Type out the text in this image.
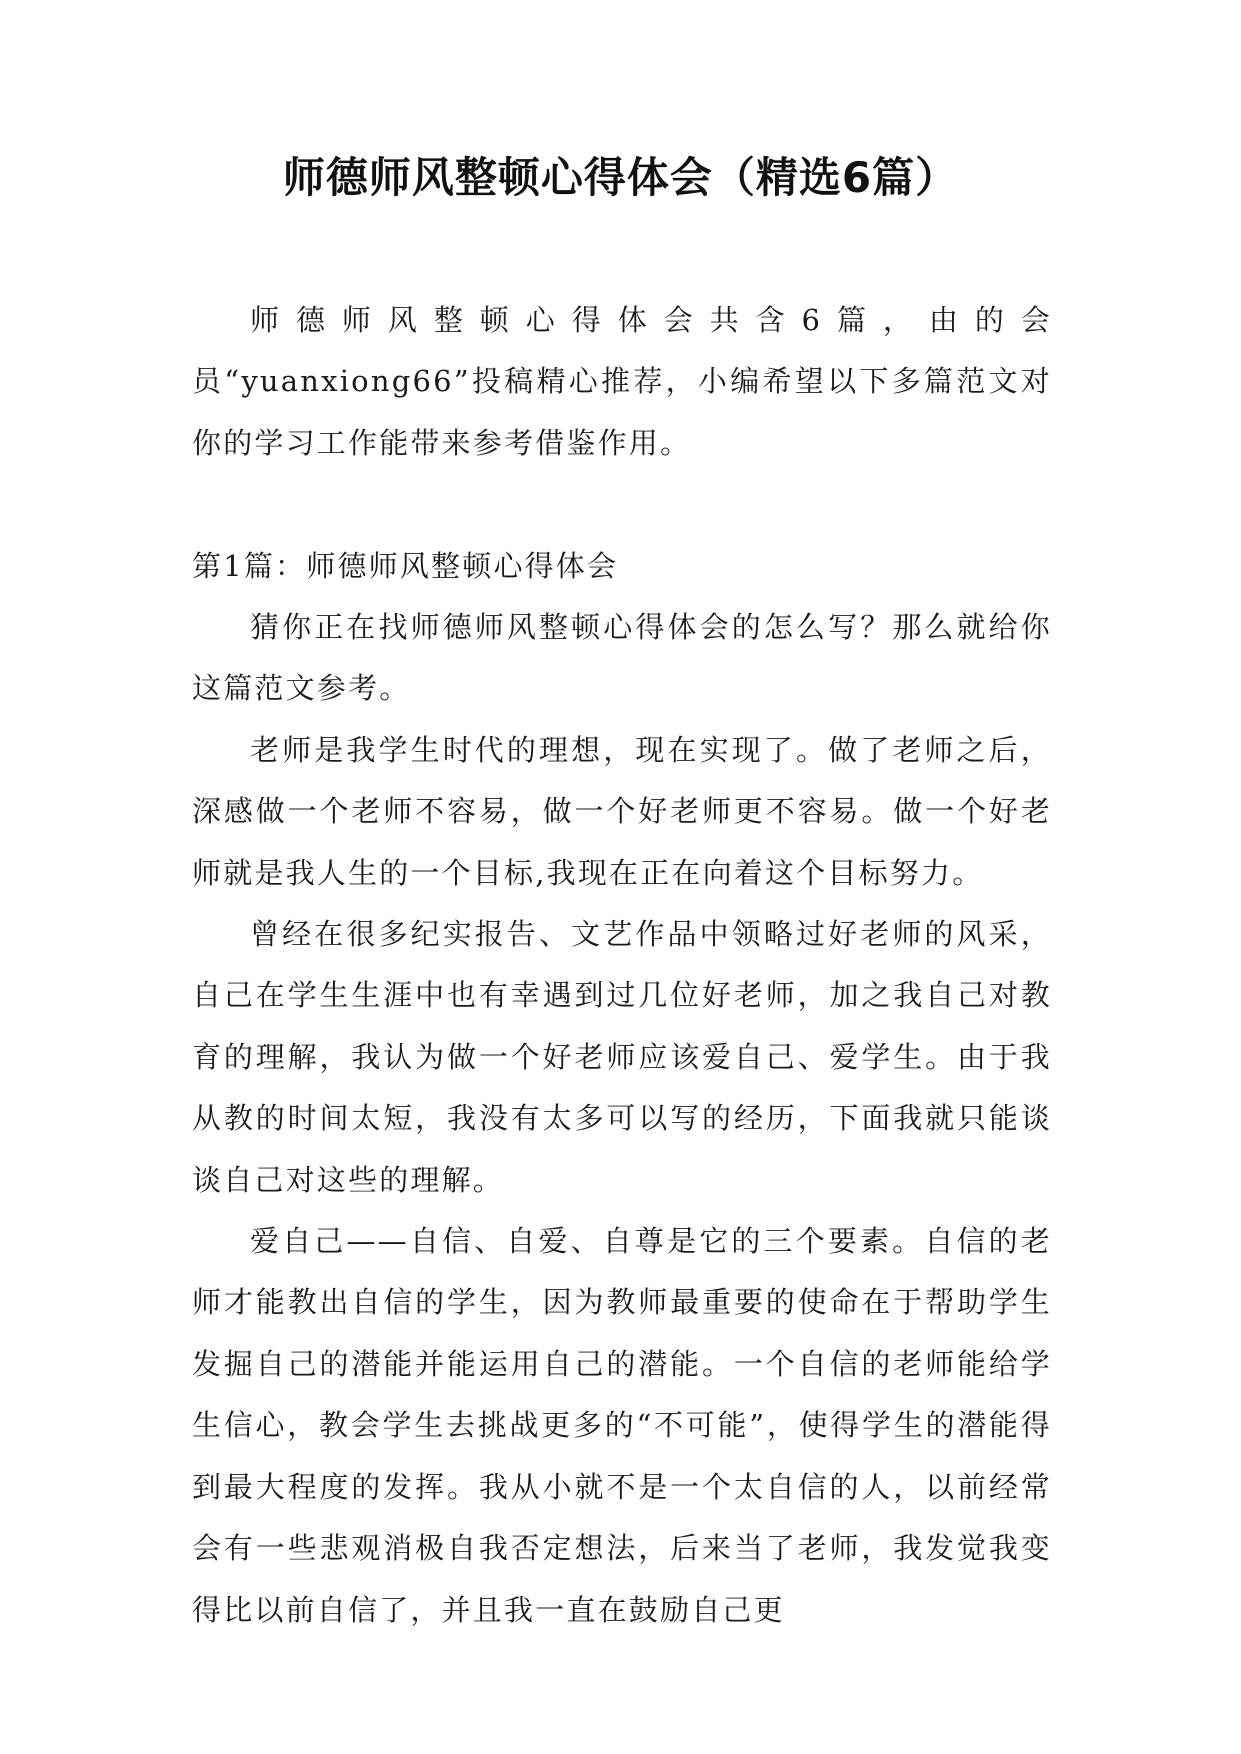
师德师风整顿心得体会（精选6篇）

师德师风整顿心得体会共含6篇，由的会员“yuanxiong66”投稿精心推荐，小编希望以下多篇范文对你的学习工作能带来参考借鉴作用。

第1篇：师德师风整顿心得体会

猜你正在找师德师风整顿心得体会的怎么写？那么就给你这篇范文参考。

老师是我学生时代的理想，现在实现了。做了老师之后，深感做一个老师不容易，做一个好老师更不容易。做一个好老师就是我人生的一个目标,我现在正在向着这个目标努力。

曾经在很多纪实报告、文艺作品中领略过好老师的风采，自己在学生生涯中也有幸遇到过几位好老师，加之我自己对教育的理解，我认为做一个好老师应该爱自己、爱学生。由于我从教的时间太短，我没有太多可以写的经历，下面我就只能谈谈自己对这些的理解。

爱自己——自信、自爱、自尊是它的三个要素。自信的老师才能教出自信的学生，因为教师最重要的使命在于帮助学生发掘自己的潜能并能运用自己的潜能。一个自信的老师能给学生信心，教会学生去挑战更多的“不可能”，使得学生的潜能得到最大程度的发挥。我从小就不是一个太自信的人，以前经常会有一些悲观消极自我否定想法，后来当了老师，我发觉我变得比以前自信了，并且我一直在鼓励自己更
